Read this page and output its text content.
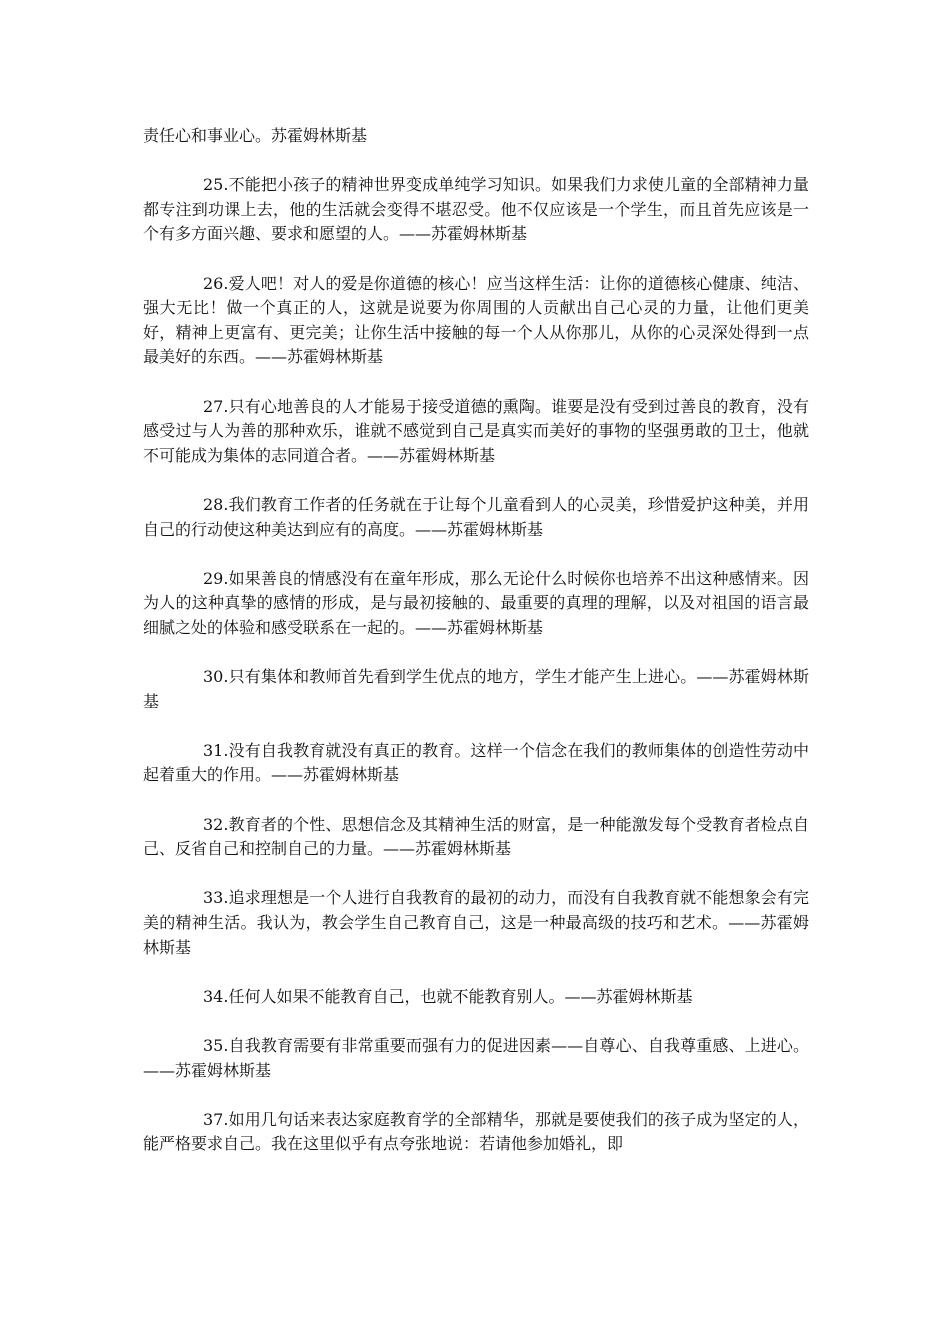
责任心和事业心。苏霍姆林斯基

25.不能把小孩子的精神世界变成单纯学习知识。如果我们力求使儿童的全部精神力量都专注到功课上去，他的生活就会变得不堪忍受。他不仅应该是一个学生，而且首先应该是一个有多方面兴趣、要求和愿望的人。——苏霍姆林斯基

26.爱人吧！对人的爱是你道德的核心！应当这样生活：让你的道德核心健康、纯洁、强大无比！做一个真正的人，这就是说要为你周围的人贡献出自己心灵的力量，让他们更美好，精神上更富有、更完美；让你生活中接触的每一个人从你那儿，从你的心灵深处得到一点最美好的东西。——苏霍姆林斯基

27.只有心地善良的人才能易于接受道德的熏陶。谁要是没有受到过善良的教育，没有感受过与人为善的那种欢乐，谁就不感觉到自己是真实而美好的事物的坚强勇敢的卫士，他就不可能成为集体的志同道合者。——苏霍姆林斯基

28.我们教育工作者的任务就在于让每个儿童看到人的心灵美，珍惜爱护这种美，并用自己的行动使这种美达到应有的高度。——苏霍姆林斯基

29.如果善良的情感没有在童年形成，那么无论什么时候你也培养不出这种感情来。因为人的这种真挚的感情的形成，是与最初接触的、最重要的真理的理解，以及对祖国的语言最细腻之处的体验和感受联系在一起的。——苏霍姆林斯基

30.只有集体和教师首先看到学生优点的地方，学生才能产生上进心。——苏霍姆林斯基

31.没有自我教育就没有真正的教育。这样一个信念在我们的教师集体的创造性劳动中起着重大的作用。——苏霍姆林斯基

32.教育者的个性、思想信念及其精神生活的财富，是一种能激发每个受教育者检点自己、反省自己和控制自己的力量。——苏霍姆林斯基

33.追求理想是一个人进行自我教育的最初的动力，而没有自我教育就不能想象会有完美的精神生活。我认为，教会学生自己教育自己，这是一种最高级的技巧和艺术。——苏霍姆林斯基

34.任何人如果不能教育自己，也就不能教育别人。——苏霍姆林斯基

35.自我教育需要有非常重要而强有力的促进因素——自尊心、自我尊重感、上进心。——苏霍姆林斯基

37.如用几句话来表达家庭教育学的全部精华，那就是要使我们的孩子成为坚定的人，能严格要求自己。我在这里似乎有点夸张地说：若请他参加婚礼，即
